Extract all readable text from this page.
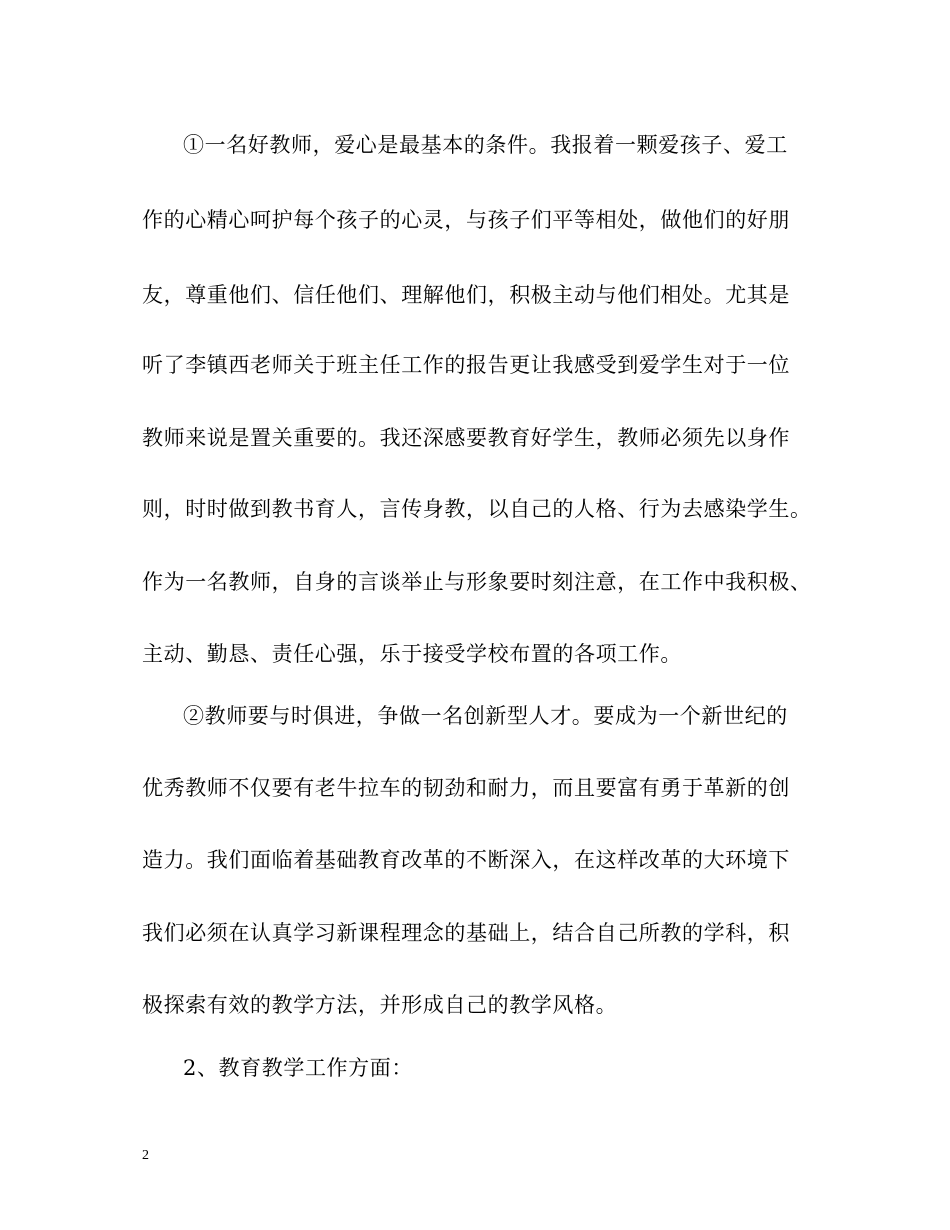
①一名好教师，爱心是最基本的条件。我报着一颗爱孩子、爱工
作的心精心呵护每个孩子的心灵，与孩子们平等相处，做他们的好朋
友，尊重他们、信任他们、理解他们，积极主动与他们相处。尤其是
听了李镇西老师关于班主任工作的报告更让我感受到爱学生对于一位
教师来说是置关重要的。我还深感要教育好学生，教师必须先以身作
则，时时做到教书育人，言传身教，以自己的人格、行为去感染学生。
作为一名教师，自身的言谈举止与形象要时刻注意，在工作中我积极、
主动、勤恳、责任心强，乐于接受学校布置的各项工作。
②教师要与时俱进，争做一名创新型人才。要成为一个新世纪的
优秀教师不仅要有老牛拉车的韧劲和耐力，而且要富有勇于革新的创
造力。我们面临着基础教育改革的不断深入，在这样改革的大环境下
我们必须在认真学习新课程理念的基础上，结合自己所教的学科，积
极探索有效的教学方法，并形成自己的教学风格。
2、教育教学工作方面：
2
